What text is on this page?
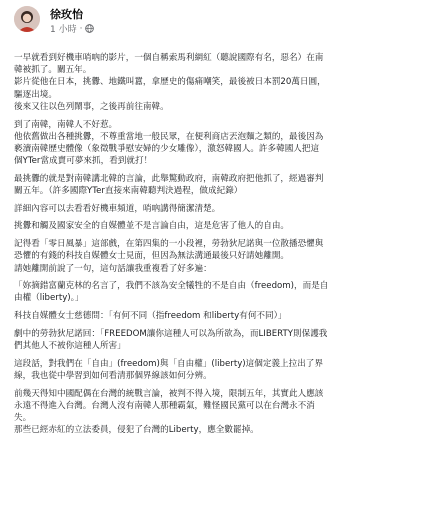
徐玫怡
1 小時 ·
一早就看到好機車哨吶的影片，一個自稱索馬利網紅（聽說國際有名，惡名）在南
韓被抓了。關五年。
影片從他在日本，挑釁、地鐵叫囂，拿歷史的傷痛嘲笑，最後被日本罰20萬日圓，
驅逐出境。
後來又往以色列鬧事，之後再前往南韓。
到了南韓，南韓人不好惹。
他依舊做出各種挑釁，不尊重當地一般民眾，在便利商店丟泡麵之類的，最後因為
褻瀆南韓歷史體像（象徵戰爭慰安婦的少女雕像），激怒韓國人。許多韓國人把這
個YTer當成賣可夢來抓，看到就打！
最挑釁的就是對南韓講北韓的言論，此舉驚動政府，南韓政府把他抓了，經過審判
關五年。（許多國際YTer直接來南韓聽判決過程，做成紀錄）
詳細內容可以去看看好機車頻道，哨吶講得簡潔清楚。
挑釁和觸及國家安全的自媒體並不是言論自由，這是危害了他人的自由。
記得看「零日風暴」這部戲，在第四集的一小段裡，勞勃狄尼諾與一位散播恐懼與
恐懼的有錢的科技自媒體女士見面，但因為無法溝通最後只好請她離開。
請她離開前說了一句，這句話讓我重複看了好多遍：
「妳摘錯富蘭克林的名言了，我們不該為安全犧牲的不是自由（freedom)，而是自
由權（liberty)。」
科技自媒體女士慈德問：「有何不同（指freedom 和liberty有何不同）」
劇中的勞勃狄尼諾回：「FREEDOM讓你這種人可以為所欲為，而LIBERTY則保護我
們其他人不被你這種人所害」
這段話，對我們在「自由」(freedom)與「自由權」(liberty)這個定義上拉出了界
線，我也從中學習到如何看清那個界線該如何分辨。
前幾天得知中國配偶在台灣的統戰言論，被判不得入境，限制五年，其實此人應該
永遠不得進入台灣。台灣人沒有南韓人那種霸氣，難怪國民黨可以在台灣永不消
失。
那些已經赤紅的立法委員，侵犯了台灣的Liberty，應全數罷掉。
